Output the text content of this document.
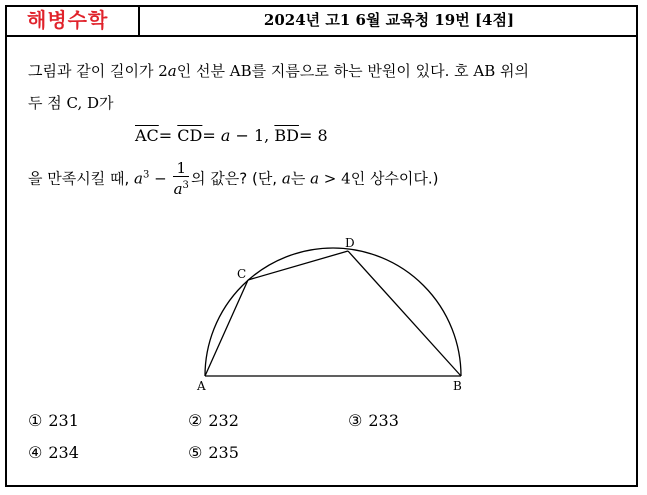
해병수학	2024년 고1 6월 교육청 19번 [4점]
그림과 같이 길이가 2a인 선분 AB를 지름으로 하는 반원이 있다. 호 AB 위의
두 점 C, D가
$\overline{AC}= \overline{CD}= a - 1$, $\overline{BD}= 8$
을 만족시킬 때, $a^3 - \frac{1}{a^3}$ 의 값은? (단, a는 a > 4인 상수이다.)
A	B
C
D
① 231	② 232	③ 233
④ 234	⑤ 235
